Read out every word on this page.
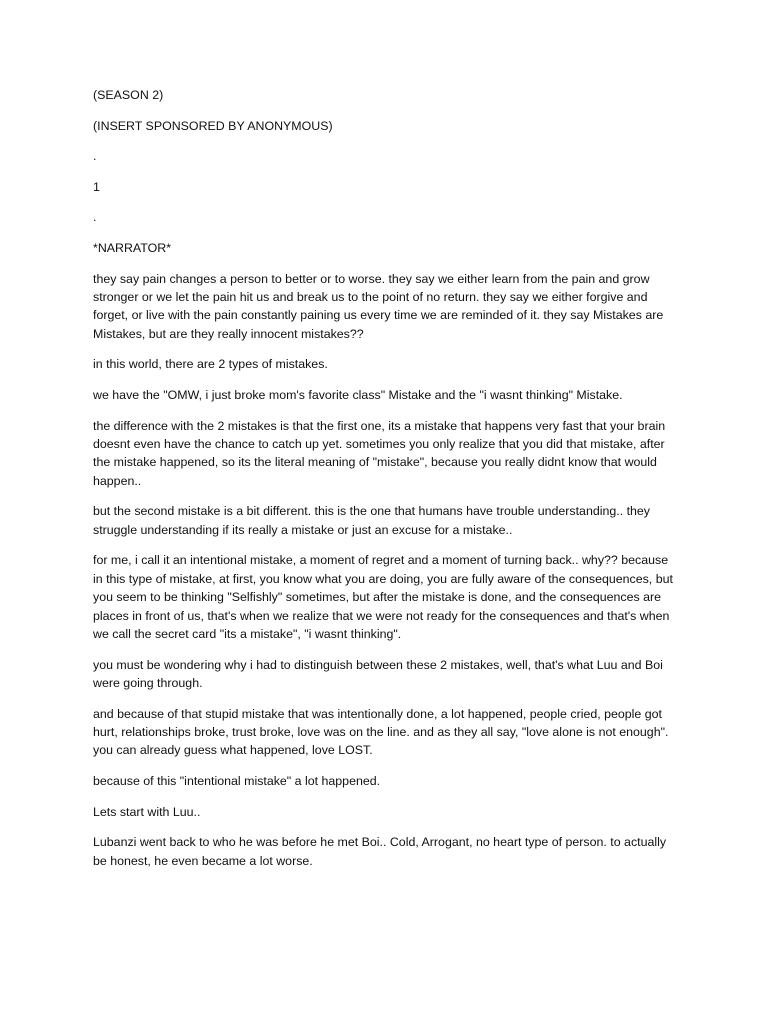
(SEASON 2)

(INSERT SPONSORED BY ANONYMOUS)

.

1

.

*NARRATOR*

they say pain changes a person to better or to worse. they say we either learn from the pain and grow stronger or we let the pain hit us and break us to the point of no return. they say we either forgive and forget, or live with the pain constantly paining us every time we are reminded of it. they say Mistakes are Mistakes, but are they really innocent mistakes??

in this world, there are 2 types of mistakes.

we have the "OMW, i just broke mom's favorite class" Mistake and the "i wasnt thinking" Mistake.

the difference with the 2 mistakes is that the first one, its a mistake that happens very fast that your brain doesnt even have the chance to catch up yet. sometimes you only realize that you did that mistake, after the mistake happened, so its the literal meaning of "mistake", because you really didnt know that would happen..

but the second mistake is a bit different. this is the one that humans have trouble understanding.. they struggle understanding if its really a mistake or just an excuse for a mistake..

for me, i call it an intentional mistake, a moment of regret and a moment of turning back.. why?? because in this type of mistake, at first, you know what you are doing, you are fully aware of the consequences, but you seem to be thinking "Selfishly" sometimes, but after the mistake is done, and the consequences are places in front of us, that's when we realize that we were not ready for the consequences and that's when we call the secret card "its a mistake", "i wasnt thinking".

you must be wondering why i had to distinguish between these 2 mistakes, well, that's what Luu and Boi were going through.

and because of that stupid mistake that was intentionally done, a lot happened, people cried, people got hurt, relationships broke, trust broke, love was on the line. and as they all say, "love alone is not enough". you can already guess what happened, love LOST.

because of this "intentional mistake" a lot happened.

Lets start with Luu..

Lubanzi went back to who he was before he met Boi.. Cold, Arrogant, no heart type of person. to actually be honest, he even became a lot worse.
